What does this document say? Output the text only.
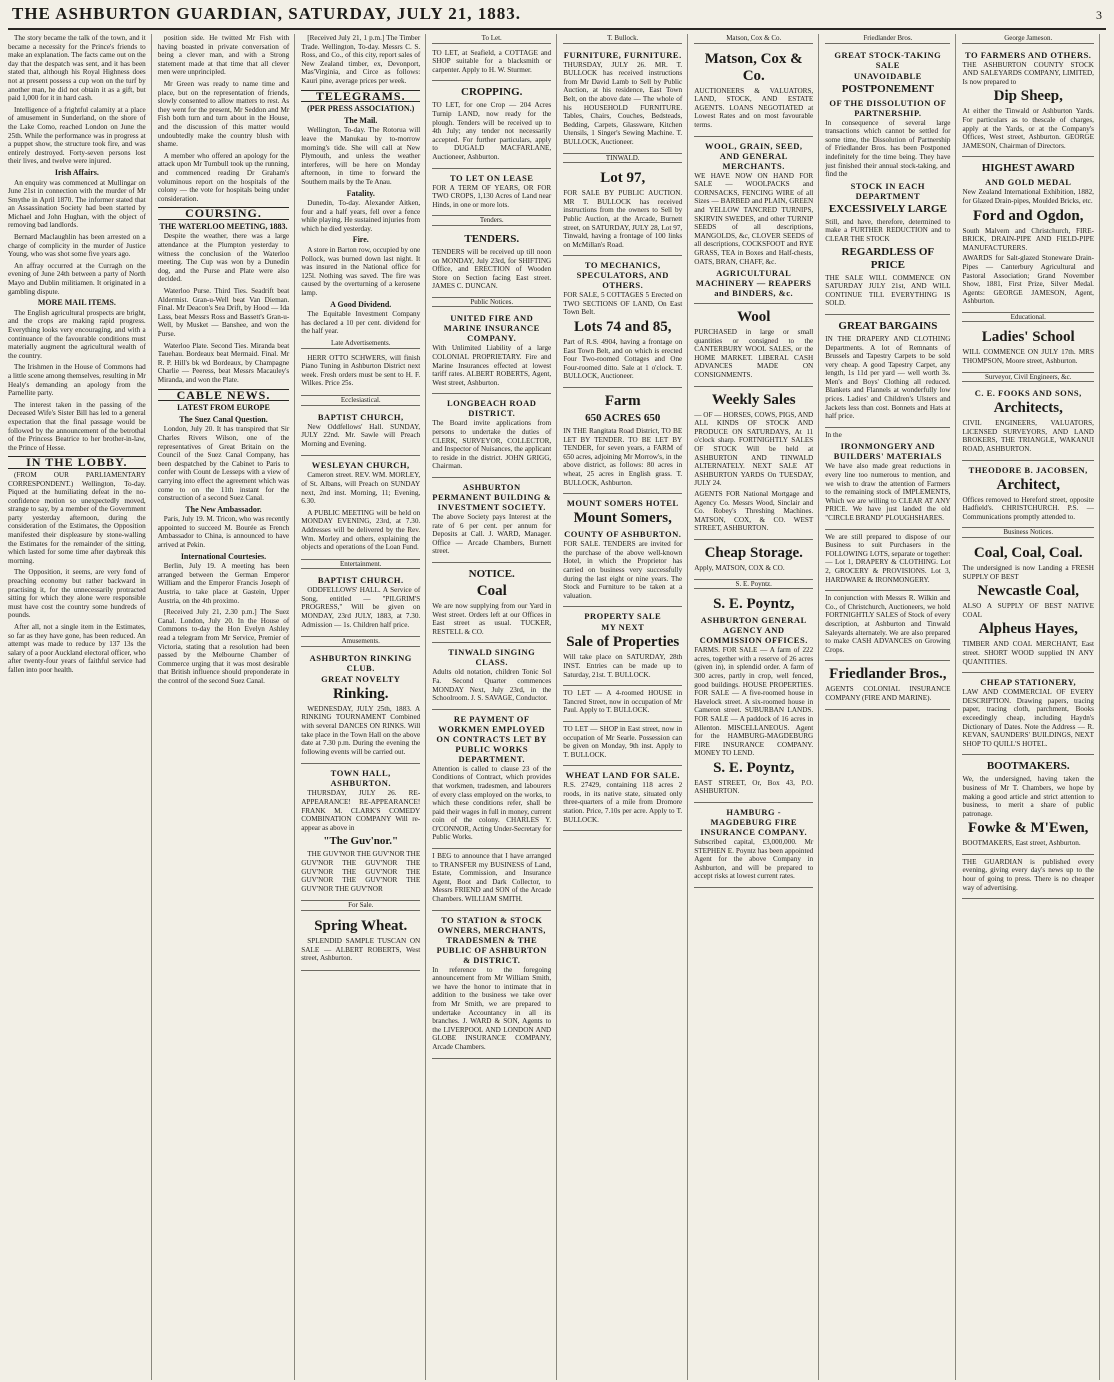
THE ASHBURTON GUARDIAN, SATURDAY, JULY 21, 1883.	3

The story became the talk of the town, and it became a necessity for the Prince's friends to make an explanation. The facts came out on the day that the despatch was sent, and it has been stated that, although his Royal Highness does not at present possess a cup won on the turf by another man, he did not obtain it as a gift, but paid 1,000 for it in hard cash.

Intelligence of a frightful calamity at a place of amusement in Sunderland, on the shore of the Lake Como, reached London on June the 25th. While the performance was in progress at a puppet show, the structure took fire, and was entirely destroyed. Forty-seven persons lost their lives, and twelve were injured.

Irish Affairs.

An enquiry was commenced at Mullingar on June 21st in connection with the murder of Mr Smythe in April 1870. The informer stated that an Assassination Society had been started by Michael and John Hughan, with the object of removing bad landlords.

Bernard Maclaughlin has been arrested on a charge of complicity in the murder of Justice Young, who was shot some five years ago.

An affray occurred at the Curragh on the evening of June 24th between a party of North Mayo and Dublin militiamen. It originated in a gambling dispute.

MORE MAIL ITEMS.

The English agricultural prospects are bright, and the crops are making rapid progress. Everything looks very encouraging, and with a continuance of the favourable conditions must materially augment the agricultural wealth of the country.

The Irishmen in the House of Commons had a little scene among themselves, resulting in Mr Healy's demanding an apology from the Parnellite party.

The interest taken in the passing of the Deceased Wife's Sister Bill has led to a general expectation that the final passage would be followed by the announcement of the betrothal of the Princess Beatrice to her brother-in-law, the Prince of Hesse.

IN THE LOBBY.

(FROM OUR PARLIAMENTARY CORRESPONDENT.) Wellington, To-day. Piqued at the humiliating defeat in the no-confidence motion so unexpectedly moved, strange to say, by a member of the Government party yesterday afternoon, during the consideration of the Estimates, the Opposition manifested their displeasure by stone-walling the Estimates for the remainder of the sitting, which lasted for some time after daybreak this morning.

The Opposition, it seems, are very fond of preaching economy but rather backward in practising it, for the unnecessarily protracted sitting for which they alone were responsible must have cost the country some hundreds of pounds.

After all, not a single item in the Estimates, so far as they have gone, has been reduced. An attempt was made to reduce by 137 13s the salary of a poor Auckland electoral officer, who after twenty-four years of faithful service had fallen into poor health.

position side. He twitted Mr Fish with having boasted in private conversation of being a clever man, and with a Strong statement made at that time that all clever men were unprincipled.

Mr Green was ready to name time and place, but on the representation of friends, slowly consented to allow matters to rest. As they went for the present, Mr Seddon and Mr Fish both turn and turn about in the House, and the discussion of this matter would undoubtedly make the country blush with shame.

A member who offered an apology for the attack upon Mr Turnbull took up the running, and commenced reading Dr Graham's voluminous report on the hospitals of the colony — the vote for hospitals being under consideration.

COURSING.
THE WATERLOO MEETING, 1883.

Despite the weather, there was a large attendance at the Plumpton yesterday to witness the conclusion of the Waterloo meeting. The Cup was won by a Dunedin dog, and the Purse and Plate were also decided.

Waterloo Purse. Third Ties. Seadrift beat Aldermist. Gran-u-Well beat Van Dieman. Final. Mr Deacon's Sea Drift, by Hood — Ida Lass, beat Messrs Ross and Bassett's Gran-u-Well, by Musket — Banshee, and won the Purse.

Waterloo Plate. Second Ties. Miranda beat Tauehau. Bordeaux beat Mermaid. Final. Mr R. P. Hill's bk wd Bordeaux, by Champagne Charlie — Peeress, beat Messrs Macauley's Miranda, and won the Plate.

CABLE NEWS.
LATEST FROM EUROPE
The Suez Canal Question.

London, July 20. It has transpired that Sir Charles Rivers Wilson, one of the representatives of Great Britain on the Council of the Suez Canal Company, has been despatched by the Cabinet to Paris to confer with Count de Lesseps with a view of carrying into effect the agreement which was come to on the 11th instant for the construction of a second Suez Canal.

The New Ambassador.

Paris, July 19. M. Tricon, who was recently appointed to succeed M. Bourée as French Ambassador to China, is announced to have arrived at Pekin.

International Courtesies.

Berlin, July 19. A meeting has been arranged between the German Emperor William and the Emperor Francis Joseph of Austria, to take place at Gastein, Upper Austria, on the 4th proximo.

[Received July 21, 2.30 p.m.] The Suez Canal. London, July 20. In the House of Commons to-day the Hon Evelyn Ashley read a telegram from Mr Service, Premier of Victoria, stating that a resolution had been passed by the Melbourne Chamber of Commerce urging that it was most desirable that British influence should preponderate in the control of the second Suez Canal.

[Received July 21, 1 p.m.] The Timber Trade. Wellington, To-day. Messrs C. S. Ross, and Co., of this city, report sales of New Zealand timber, ex, Devonport, Mas'Virginia, and Circe as follows: Kauri pine, average prices per week.

TELEGRAMS.
(PER PRESS ASSOCIATION.)
The Mail.

Wellington, To-day. The Rotorua will leave the Manukau by to-morrow morning's tide. She will call at New Plymouth, and unless the weather interferes, will be here on Monday afternoon, in time to forward the Southern mails by the Te Anau.

Fatality.

Dunedin, To-day. Alexander Aitken, four and a half years, fell over a fence while playing. He sustained injuries from which he died yesterday.

Fire.

A store in Barton row, occupied by one Pollock, was burned down last night. It was insured in the National office for 125l. Nothing was saved. The fire was caused by the overturning of a kerosene lamp.

A Good Dividend.

The Equitable Investment Company has declared a 10 per cent. dividend for the half year.

Late Advertisements.

HERR OTTO SCHWERS, will finish Piano Tuning in Ashburton District next week. Fresh orders must be sent to H. F. Wilkes. Price 25s.

Ecclesiastical.
BAPTIST CHURCH,

New Oddfellows' Hall. SUNDAY, JULY 22nd. Mr. Sawle will Preach Morning and Evening.

WESLEYAN CHURCH,

Cameron street. REV. WM. MORLEY, of St. Albans, will Preach on SUNDAY next, 2nd inst. Morning, 11; Evening, 6.30.

A PUBLIC MEETING will be held on MONDAY EVENING, 23rd, at 7.30. Addresses will be delivered by the Rev. Wm. Morley and others, explaining the objects and operations of the Loan Fund.

Entertainment.
BAPTIST CHURCH.

ODDFELLOWS' HALL. A Service of Song, entitled — "PILGRIM'S PROGRESS," Will be given on MONDAY, 23rd JULY, 1883, at 7.30. Admission — 1s. Children half price.

Amusements.
ASHBURTON RINKING CLUB.
GREAT NOVELTY
Rinking.

WEDNESDAY, JULY 25th, 1883. A RINKING TOURNAMENT Combined with several DANCES ON RINKS. Will take place in the Town Hall on the above date at 7.30 p.m. During the evening the following events will be carried out.

TOWN HALL, ASHBURTON.

THURSDAY, JULY 26. RE-APPEARANCE! RE-APPEARANCE! FRANK M. CLARK'S COMEDY COMBINATION COMPANY Will re-appear as above in

"The Guv'nor."

THE GUV'NOR THE GUV'NOR THE GUV'NOR THE GUV'NOR THE GUV'NOR THE GUV'NOR THE GUV'NOR THE GUV'NOR THE GUV'NOR THE GUV'NOR

For Sale.
Spring Wheat.

SPLENDID SAMPLE TUSCAN ON SALE — ALBERT ROBERTS, West street, Ashburton.

To Let.

TO LET, at Seafield, a COTTAGE and SHOP suitable for a blacksmith or carpenter. Apply to H. W. Sturmer.

CROPPING.

TO LET, for one Crop — 204 Acres Turnip LAND, now ready for the plough. Tenders will be received up to 4th July; any tender not necessarily accepted. For further particulars, apply to DUGALD MACFARLANE, Auctioneer, Ashburton.

TO LET ON LEASE

FOR A TERM OF YEARS, OR FOR TWO CROPS, 1,130 Acres of Land near Hinds, in one or more lots.

Tenders.
TENDERS.

TENDERS will be received up till noon on MONDAY, July 23rd, for SHIFTING Office, and ERECTION of Wooden Store on Section facing East street. JAMES C. DUNCAN.

Public Notices.
UNITED FIRE AND MARINE INSURANCE COMPANY.

With Unlimited Liability of a large COLONIAL PROPRIETARY. Fire and Marine Insurances effected at lowest tariff rates. ALBERT ROBERTS, Agent, West street, Ashburton.

LONGBEACH ROAD DISTRICT.

The Board invite applications from persons to undertake the duties of CLERK, SURVEYOR, COLLECTOR, and Inspector of Nuisances, the applicant to reside in the district. JOHN GRIGG, Chairman.

ASHBURTON PERMANENT BUILDING & INVESTMENT SOCIETY.

The above Society pays Interest at the rate of 6 per cent. per annum for Deposits at Call. J. WARD, Manager. Office — Arcade Chambers, Burnett street.

NOTICE.
Coal

We are now supplying from our Yard in West street. Orders left at our Offices in East street as usual. TUCKER, RESTELL & CO.

TINWALD SINGING CLASS.

Adults old notation, children Tonic Sol Fa. Second Quarter commences MONDAY Next, July 23rd, in the Schoolroom. J. S. SAVAGE, Conductor.

RE PAYMENT OF WORKMEN EMPLOYED ON CONTRACTS LET BY PUBLIC WORKS DEPARTMENT.

Attention is called to clause 23 of the Conditions of Contract, which provides that workmen, tradesmen, and labourers of every class employed on the works, to which these conditions refer, shall be paid their wages in full in money, current coin of the colony. CHARLES Y. O'CONNOR, Acting Under-Secretary for Public Works.

I BEG to announce that I have arranged to TRANSFER my BUSINESS of Land, Estate, Commission, and Insurance Agent, Boot and Dark Collector, to Messrs FRIEND and SON of the Arcade Chambers. WILLIAM SMITH.

TO STATION & STOCK OWNERS, MERCHANTS, TRADESMEN & THE PUBLIC OF ASHBURTON & DISTRICT.

In reference to the foregoing announcement from Mr William Smith, we have the honor to intimate that in addition to the business we take over from Mr Smith, we are prepared to undertake Accountancy in all its branches. J. WARD & SON, Agents to the LIVERPOOL AND LONDON AND GLOBE INSURANCE COMPANY, Arcade Chambers.

T. Bullock.
FURNITURE, FURNITURE.

THURSDAY, JULY 26. MR. T. BULLOCK has received instructions from Mr David Lamb to Sell by Public Auction, at his residence, East Town Belt, on the above date — The whole of his HOUSEHOLD FURNITURE. Tables, Chairs, Couches, Bedsteads, Bedding, Carpets, Glassware, Kitchen Utensils, 1 Singer's Sewing Machine. T. BULLOCK, Auctioneer.

TINWALD.
Lot 97,

FOR SALE BY PUBLIC AUCTION. MR T. BULLOCK has received instructions from the owners to Sell by Public Auction, at the Arcade, Burnett street, on SATURDAY, JULY 28, Lot 97, Tinwald, having a frontage of 100 links on McMillan's Road.

TO MECHANICS, SPECULATORS, AND OTHERS.

FOR SALE, 5 COTTAGES 5 Erected on TWO SECTIONS OF LAND, On East Town Belt.

Lots 74 and 85,

Part of R.S. 4904, having a frontage on East Town Belt, and on which is erected Four Two-roomed Cottages and One Four-roomed ditto. Sale at 1 o'clock. T. BULLOCK, Auctioneer.

Farm
650 ACRES 650

IN THE Rangitata Road District, TO BE LET BY TENDER. TO BE LET BY TENDER, for seven years, a FARM of 650 acres, adjoining Mr Morrow's, in the above district, as follows: 80 acres in wheat, 25 acres in English grass. T. BULLOCK, Ashburton.

MOUNT SOMERS HOTEL
Mount Somers,
COUNTY OF ASHBURTON.

FOR SALE. TENDERS are invited for the purchase of the above well-known Hotel, in which the Proprietor has carried on business very successfully during the last eight or nine years. The Stock and Furniture to be taken at a valuation.

PROPERTY SALE
MY NEXT
Sale of Properties

Will take place on SATURDAY, 28th INST. Entries can be made up to Saturday, 21st. T. BULLOCK.

TO LET — A 4-roomed HOUSE in Tancred Street, now in occupation of Mr Paul. Apply to T. BULLOCK.

TO LET — SHOP in East street, now in occupation of Mr Searle. Possession can be given on Monday, 9th inst. Apply to T. BULLOCK.

WHEAT LAND FOR SALE.

R.S. 27429, containing 118 acres 2 roods, in its native state, situated only three-quarters of a mile from Dromore station. Price, 7.10s per acre. Apply to T. BULLOCK.

Matson, Cox & Co.
Matson, Cox & Co.

AUCTIONEERS & VALUATORS, LAND, STOCK, AND ESTATE AGENTS. LOANS NEGOTIATED at Lowest Rates and on most favourable terms.

WOOL, GRAIN, SEED, AND GENERAL MERCHANTS.

WE HAVE NOW ON HAND FOR SALE — WOOLPACKS and CORNSACKS, FENCING WIRE of all Sizes — BARBED and PLAIN, GREEN and YELLOW TANCRED TURNIPS, SKIRVIN SWEDES, and other TURNIP SEEDS of all descriptions, MANGOLDS, &c, CLOVER SEEDS of all descriptions, COCKSFOOT and RYE GRASS, TEA in Boxes and Half-chests, OATS, BRAN, CHAFF, &c.

AGRICULTURAL MACHINERY — REAPERS and BINDERS, &c.
Wool

PURCHASED in large or small quantities or consigned to the CANTERBURY WOOL SALES, or the HOME MARKET. LIBERAL CASH ADVANCES MADE ON CONSIGNMENTS.

Weekly Sales

— OF — HORSES, COWS, PIGS, AND ALL KINDS OF STOCK AND PRODUCE ON SATURDAYS, At 11 o'clock sharp. FORTNIGHTLY SALES OF STOCK Will be held at ASHBURTON AND TINWALD ALTERNATELY. NEXT SALE AT ASHBURTON YARDS On TUESDAY, JULY 24.

AGENTS FOR National Mortgage and Agency Co. Messrs Wood, Sinclair and Co. Robey's Threshing Machines. MATSON, COX, & CO. WEST STREET, ASHBURTON.

Cheap Storage.

Apply, MATSON, COX & CO.

S. E. Poyntz.
S. E. Poyntz,
ASHBURTON GENERAL AGENCY AND COMMISSION OFFICES.

FARMS. FOR SALE — A farm of 222 acres, together with a reserve of 26 acres (given in), in splendid order. A farm of 300 acres, partly in crop, well fenced, good buildings. HOUSE PROPERTIES. FOR SALE — A five-roomed house in Havelock street. A six-roomed house in Cameron street. SUBURBAN LANDS. FOR SALE — A paddock of 16 acres in Allenton. MISCELLANEOUS. Agent for the HAMBURG-MAGDEBURG FIRE INSURANCE COMPANY. MONEY TO LEND.

S. E. Poyntz,

EAST STREET, Or, Box 43, P.O. ASHBURTON.

HAMBURG - MAGDEBURG FIRE INSURANCE COMPANY.

Subscribed capital, £3,000,000. Mr STEPHEN E. Poyntz has been appointed Agent for the above Company in Ashburton, and will be prepared to accept risks at lowest current rates.

Friedlander Bros.
GREAT STOCK-TAKING SALE
UNAVOIDABLE
POSTPONEMENT
OF THE DISSOLUTION OF PARTNERSHIP.

In consequence of several large transactions which cannot be settled for some time, the Dissolution of Partnership of Friedlander Bros. has been Postponed indefinitely for the time being. They have just finished their annual stock-taking, and find the

STOCK IN EACH DEPARTMENT
EXCESSIVELY LARGE

Still, and have, therefore, determined to make a FURTHER REDUCTION and to CLEAR THE STOCK

REGARDLESS OF PRICE

THE SALE WILL COMMENCE ON SATURDAY JULY 21st, AND WILL CONTINUE TILL EVERYTHING IS SOLD.

GREAT BARGAINS

IN THE DRAPERY AND CLOTHING Departments. A lot of Remnants of Brussels and Tapestry Carpets to be sold very cheap. A good Tapestry Carpet, any length, 1s 11d per yard — well worth 3s. Men's and Boys' Clothing all reduced. Blankets and Flannels at wonderfully low prices. Ladies' and Children's Ulsters and Jackets less than cost. Bonnets and Hats at half price.

In the

IRONMONGERY AND BUILDERS' MATERIALS

We have also made great reductions in every line too numerous to mention, and we wish to draw the attention of Farmers to the remaining stock of IMPLEMENTS, Which we are willing to CLEAR AT ANY PRICE. We have just landed the old "CIRCLE BRAND" PLOUGHSHARES.

We are still prepared to dispose of our Business to suit Purchasers in the FOLLOWING LOTS, separate or together: — Lot 1, DRAPERY & CLOTHING. Lot 2, GROCERY & PROVISIONS. Lot 3, HARDWARE & IRONMONGERY.

In conjunction with Messrs R. Wilkin and Co., of Christchurch, Auctioneers, we hold FORTNIGHTLY SALES of Stock of every description, at Ashburton and Tinwald Saleyards alternately. We are also prepared to make CASH ADVANCES on Growing Crops.

Friedlander Bros.,

AGENTS COLONIAL INSURANCE COMPANY (FIRE AND MARINE).

George Jameson.
TO FARMERS AND OTHERS.

THE ASHBURTON COUNTY STOCK AND SALEYARDS COMPANY, LIMITED, Is now prepared to

Dip Sheep,

At either the Tinwald or Ashburton Yards. For particulars as to thescale of charges, apply at the Yards, or at the Company's Offices, West street, Ashburton. GEORGE JAMESON, Chairman of Directors.

HIGHEST AWARD
AND GOLD MEDAL

New Zealand International Exhibition, 1882, for Glazed Drain-pipes, Moulded Bricks, etc.

Ford and Ogdon,

South Malvern and Christchurch, FIRE-BRICK, DRAIN-PIPE AND FIELD-PIPE MANUFACTURERS.

AWARDS for Salt-glazed Stoneware Drain-Pipes — Canterbury Agricultural and Pastoral Association; Grand November Show, 1881, First Prize, Silver Medal. Agents: GEORGE JAMESON, Agent, Ashburton.

Educational.
Ladies' School

WILL COMMENCE ON JULY 17th. MRS THOMPSON, Moore street, Ashburton.

Surveyor, Civil Engineers, &c.
C. E. FOOKS AND SONS,
Architects,

CIVIL ENGINEERS, VALUATORS, LICENSED SURVEYORS, AND LAND BROKERS, THE TRIANGLE, WAKANUI ROAD, ASHBURTON.

THEODORE B. JACOBSEN,
Architect,

Offices removed to Hereford street, opposite Hadfield's. CHRISTCHURCH. P.S. — Communications promptly attended to.

Business Notices.
Coal, Coal, Coal.

The undersigned is now Landing a FRESH SUPPLY OF BEST

Newcastle Coal,

ALSO A SUPPLY OF BEST NATIVE COAL

Alpheus Hayes,

TIMBER AND COAL MERCHANT, East street. SHORT WOOD supplied IN ANY QUANTITIES.

CHEAP STATIONERY,

LAW AND COMMERCIAL OF EVERY DESCRIPTION. Drawing papers, tracing paper, tracing cloth, parchment, Books exceedingly cheap, including Haydn's Dictionary of Dates. Note the Address — R. KEVAN, SAUNDERS' BUILDINGS, NEXT SHOP TO QUILL'S HOTEL.

BOOTMAKERS.

We, the undersigned, having taken the business of Mr T. Chambers, we hope by making a good article and strict attention to business, to merit a share of public patronage.

Fowke & M'Ewen,

BOOTMAKERS, East street, Ashburton.

THE GUARDIAN is published every evening, giving every day's news up to the hour of going to press. There is no cheaper way of advertising.
